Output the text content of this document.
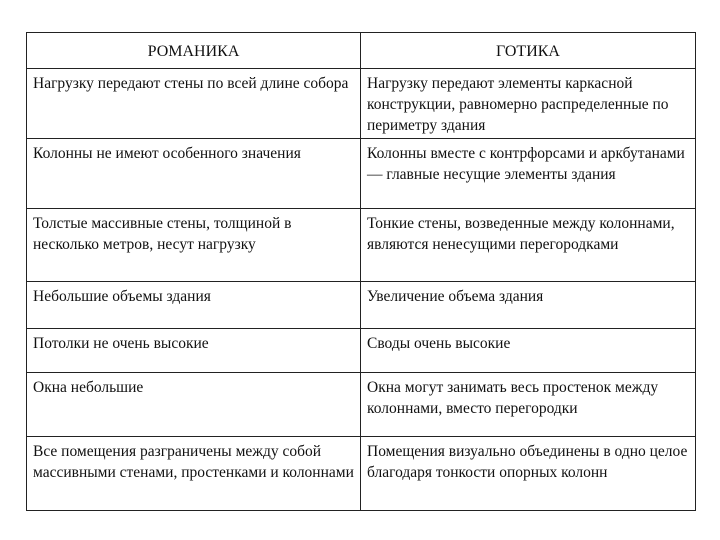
РОМАНИКА	ГОТИКА
Нагрузку передают стены по всей длине собора	Нагрузку передают элементы каркасной конструкции, равномерно распределенные по периметру здания
Колонны не имеют особенного значения	Колонны вместе с контрфорсами и аркбутанами — главные несущие элементы здания
Толстые массивные стены, толщиной в несколько метров, несут нагрузку	Тонкие стены, возведенные между колоннами, являются ненесущими перегородками
Небольшие объемы здания	Увеличение объема здания
Потолки не очень высокие	Своды очень высокие
Окна небольшие	Окна могут занимать весь простенок между колоннами, вместо перегородки
Все помещения разграничены между собой массивными стенами, простенками и колоннами	Помещения визуально объединены в одно целое благодаря тонкости опорных колонн
